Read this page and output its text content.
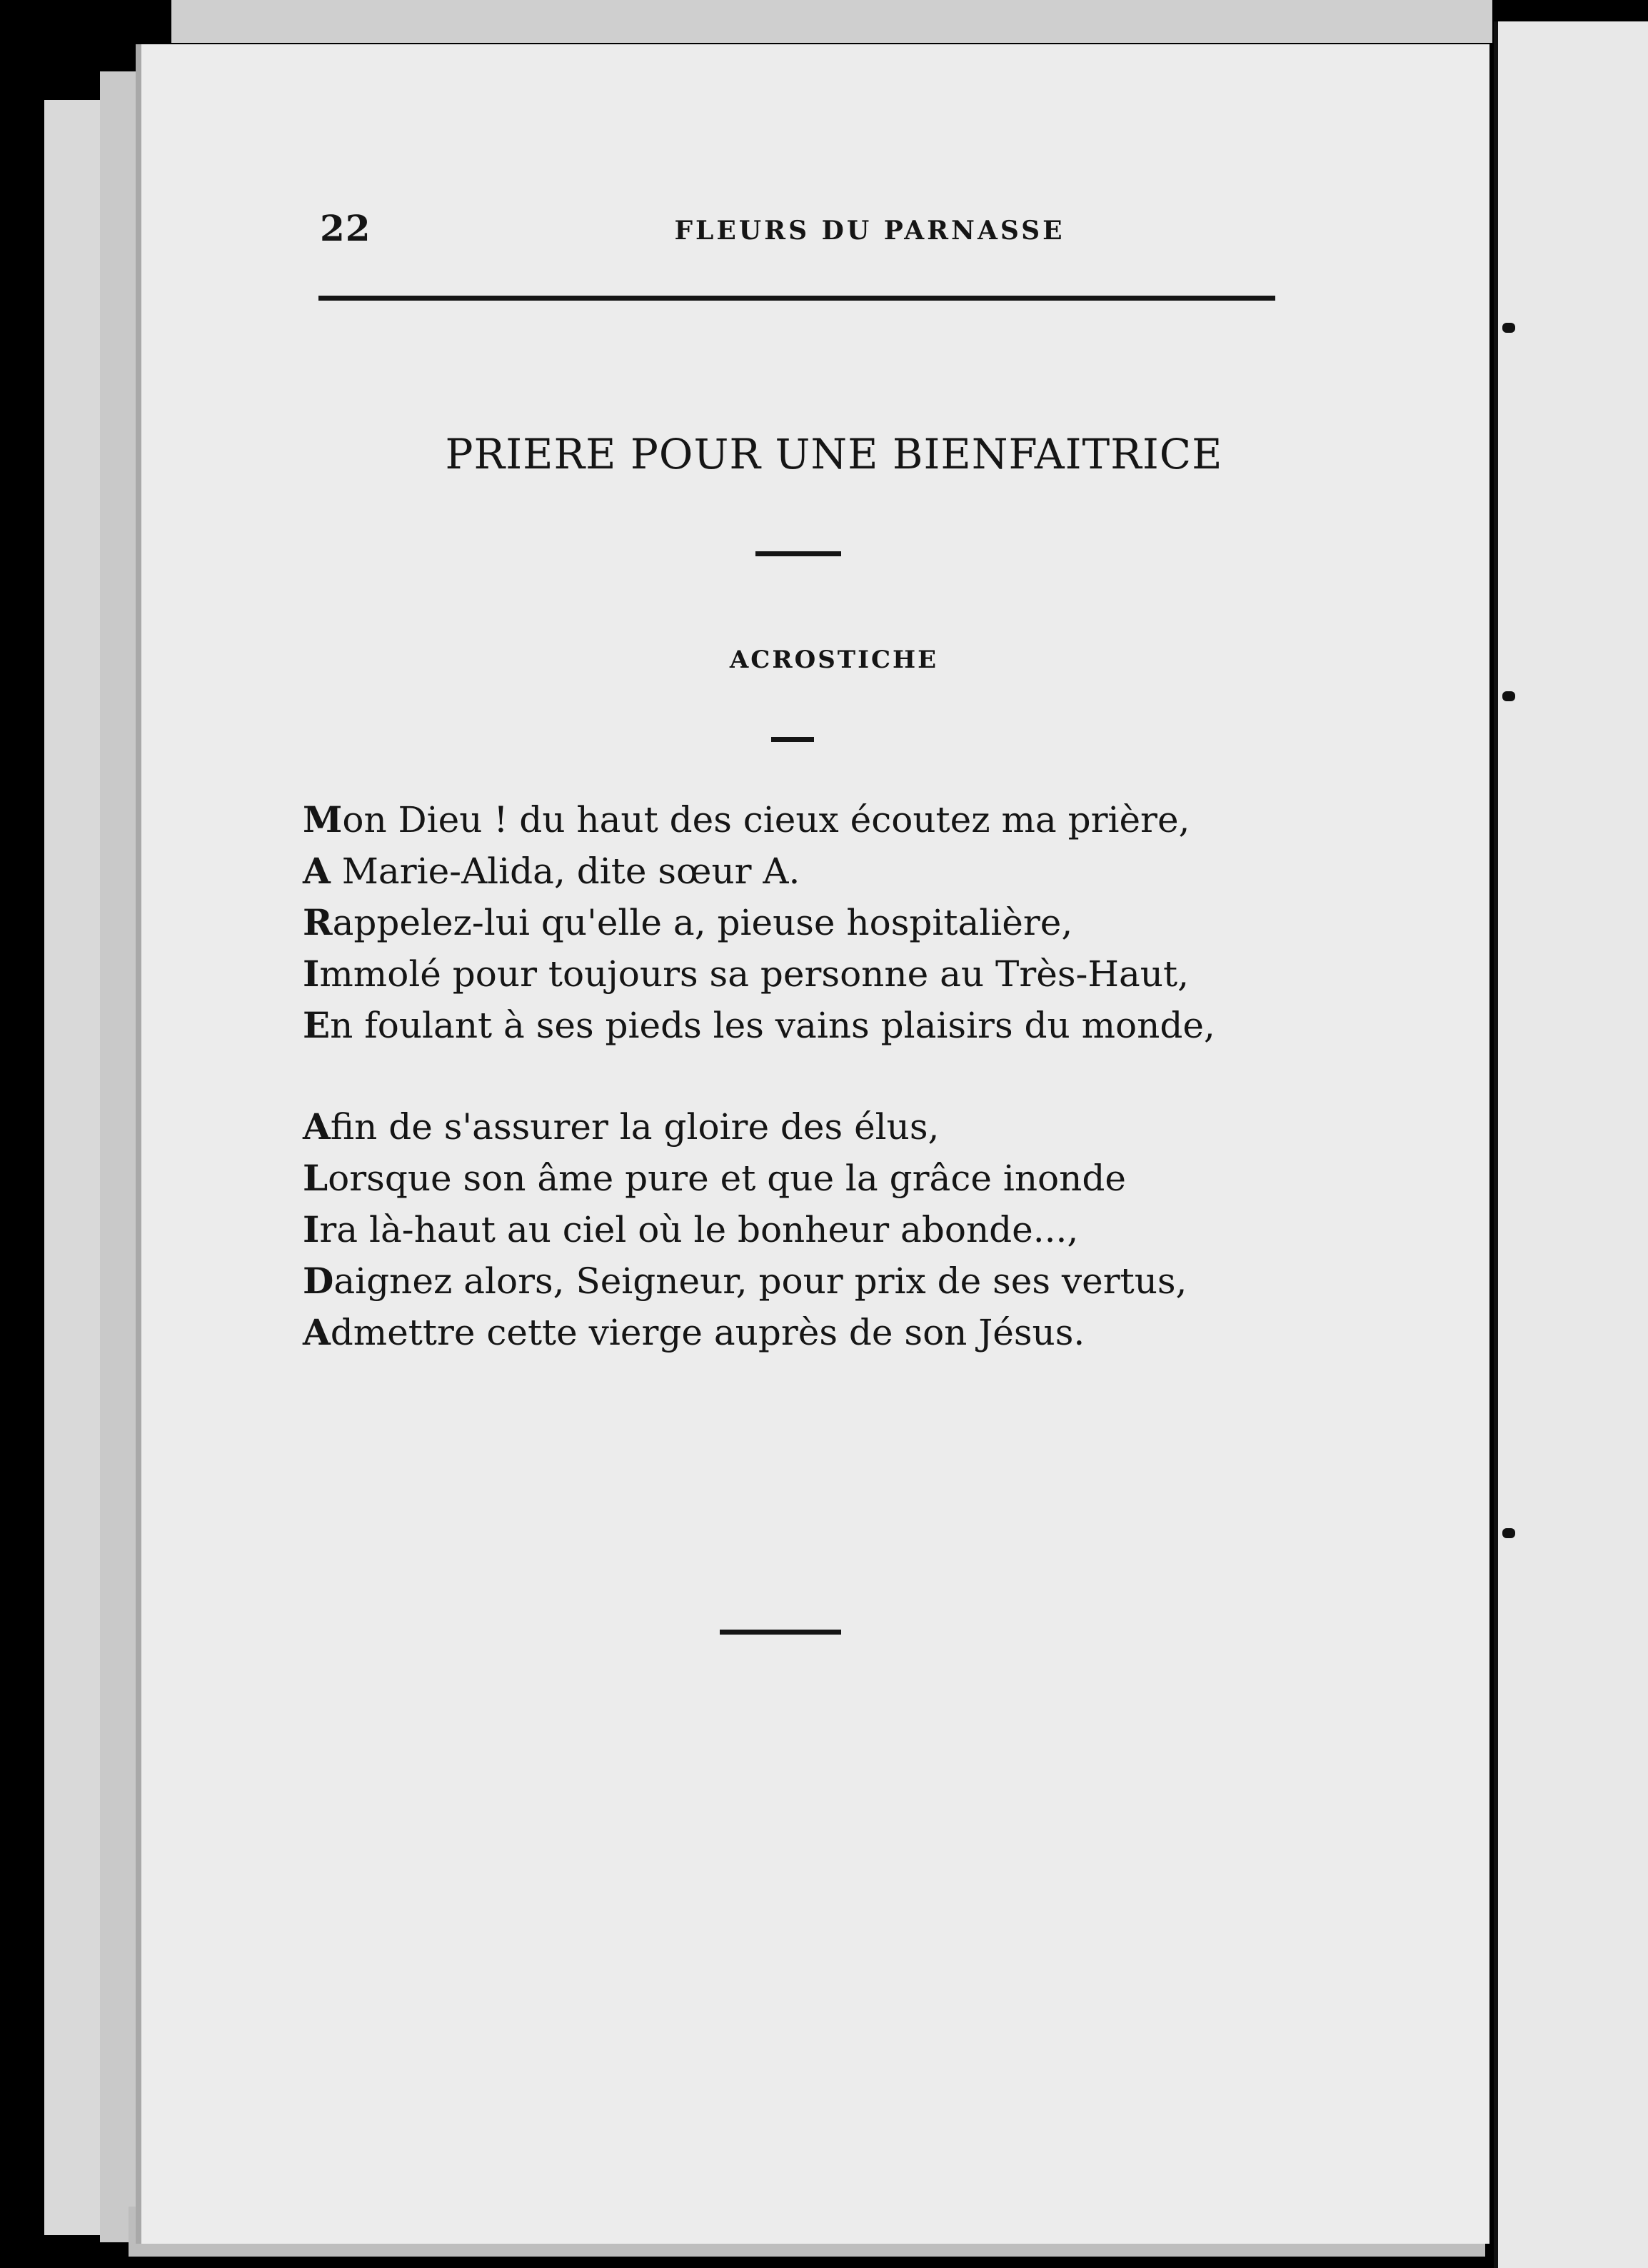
22	FLEURS DU PARNASSE
PRIERE POUR UNE BIENFAITRICE
ACROSTICHE
Mon Dieu ! du haut des cieux écoutez ma prière,
A Marie-Alida, dite sœur A.
Rappelez-lui qu'elle a, pieuse hospitalière,
Immolé pour toujours sa personne au Très-Haut,
En foulant à ses pieds les vains plaisirs du monde,
Afin de s'assurer la gloire des élus,
Lorsque son âme pure et que la grâce inonde
Ira là-haut au ciel où le bonheur abonde...,
Daignez alors, Seigneur, pour prix de ses vertus,
Admettre cette vierge auprès de son Jésus.
